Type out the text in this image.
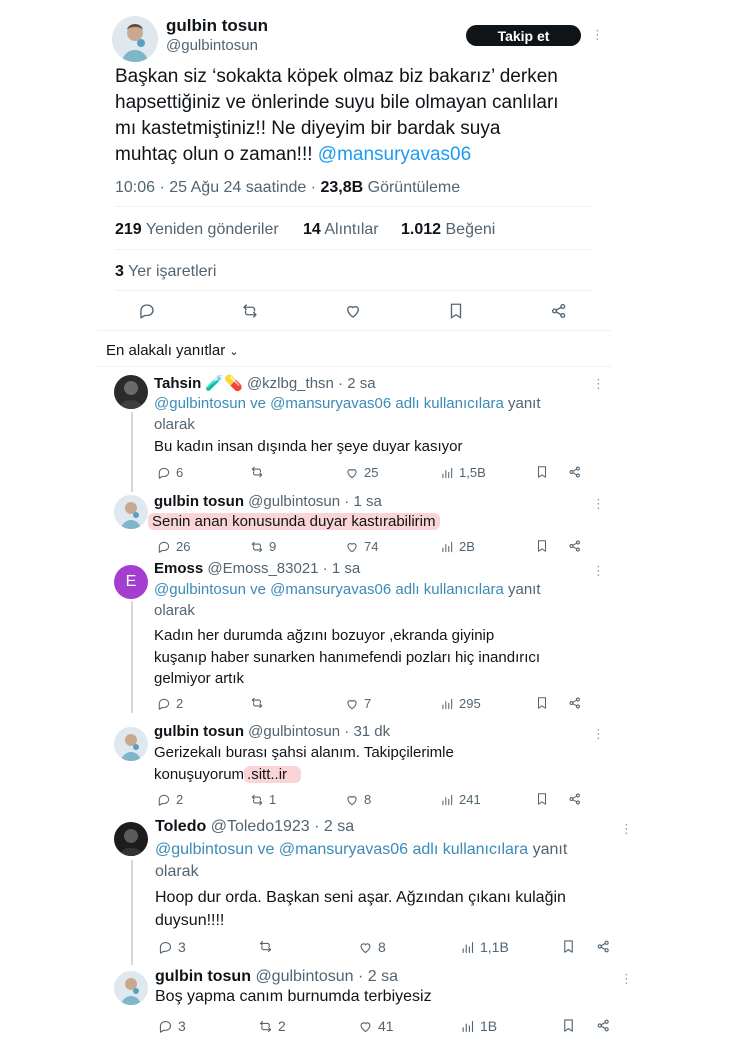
gulbin tosun
@gulbintosun
Takip et	⋮
Başkan siz ‘sokakta köpek olmaz biz bakarız’ derken
hapsettiğiniz ve önlerinde suyu bile olmayan canlıları
mı kastetmiştiniz!! Ne diyeyim bir bardak suya
muhtaç olun o zaman!!! @mansuryavas06
10:06 · 25 Ağu 24 saatinde · 23,8B Görüntüleme
219 Yeniden gönderiler 14 Alıntılar 1.012 Beğeni
3 Yer işaretleri
En alakalı yanıtlar ⌄
Tahsin 🧪💊 @kzlbg_thsn · 2 sa	⋮
@gulbintosun ve @mansuryavas06 adlı kullanıcılara yanıt
olarak
Bu kadın insan dışında her şeye duyar kasıyor
6	25	1,5B
gulbin tosun @gulbintosun · 1 sa	⋮
Senin anan konusunda duyar kastırabilirim
26	9	74	2B
E
Emoss @Emoss_83021 · 1 sa	⋮
@gulbintosun ve @mansuryavas06 adlı kullanıcılara yanıt
olarak
Kadın her durumda ağzını bozuyor ,ekranda giyinip
kuşanıp haber sunarken hanımefendi pozları hiç inandırıcı
gelmiyor artık
2	7	295
gulbin tosun @gulbintosun · 31 dk	⋮
Gerizekalı burası şahsi alanım. Takipçilerimle
konuşuyorum .sitt..ir
2	1	8	241
Toledo @Toledo1923 · 2 sa	⋮
@gulbintosun ve @mansuryavas06 adlı kullanıcılara yanıt
olarak
Hoop dur orda. Başkan seni aşar. Ağzından çıkanı kulağin
duysun!!!!
3	8	1,1B
gulbin tosun @gulbintosun · 2 sa	⋮
Boş yapma canım burnumda terbiyesiz
3	2	41	1B
